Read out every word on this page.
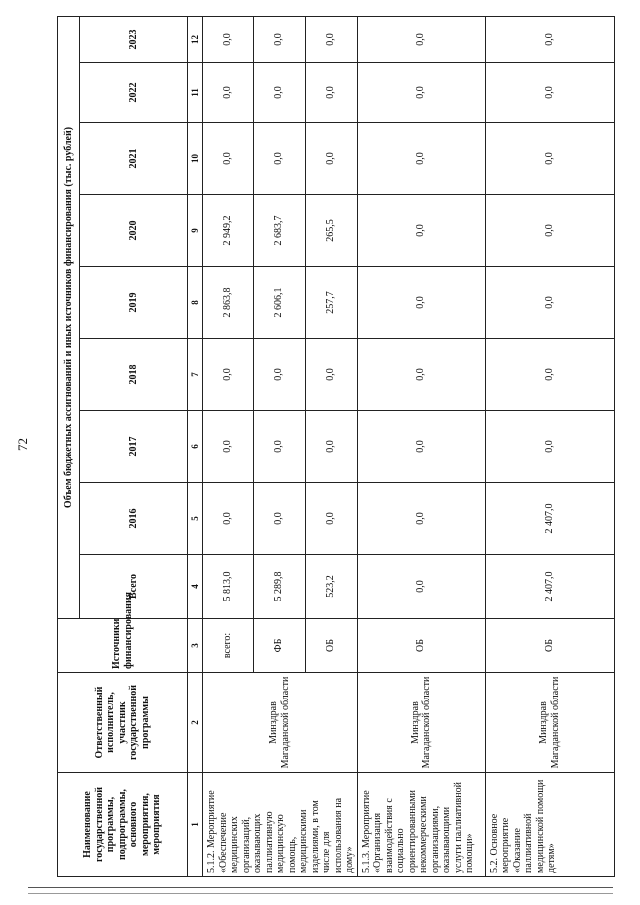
72
Наименование государственной программы, подпрограммы, основного мероприятия, мероприятия	Ответственный исполнитель, участник государственной программы	Источники финансирования	Объем бюджетных ассигнований и иных источников финансирования (тыс. рублей)								
			Всего	2016	2017	2018	2019	2020	2021	2022	2023
1	2	3	4	5	6	7	8	9	10	11	12
5.1.2. Мероприятие «Обеспечение медицинских организаций, оказывающих паллиативную медицинскую помощь, медицинскими изделиями, в том числе для использования на дому»	Минздрав Магаданской области	всего:	5 813,0	0,0	0,0	0,0	2 863,8	2 949,2	0,0	0,0	0,0
		ФБ	5 289,8	0,0	0,0	0,0	2 606,1	2 683,7	0,0	0,0	0,0
		ОБ	523,2	0,0	0,0	0,0	257,7	265,5	0,0	0,0	0,0
5.1.3. Мероприятие «Организация взаимодействия с социально ориентированными некоммерческими организациями, оказывающими услуги паллиативной помощи»	Минздрав Магаданской области	ОБ	0,0	0,0	0,0	0,0	0,0	0,0	0,0	0,0	0,0
5.2. Основное мероприятие «Оказание паллиативной медицинской помощи детям»	Минздрав Магаданской области	ОБ	2 407,0	2 407,0	0,0	0,0	0,0	0,0	0,0	0,0	0,0
